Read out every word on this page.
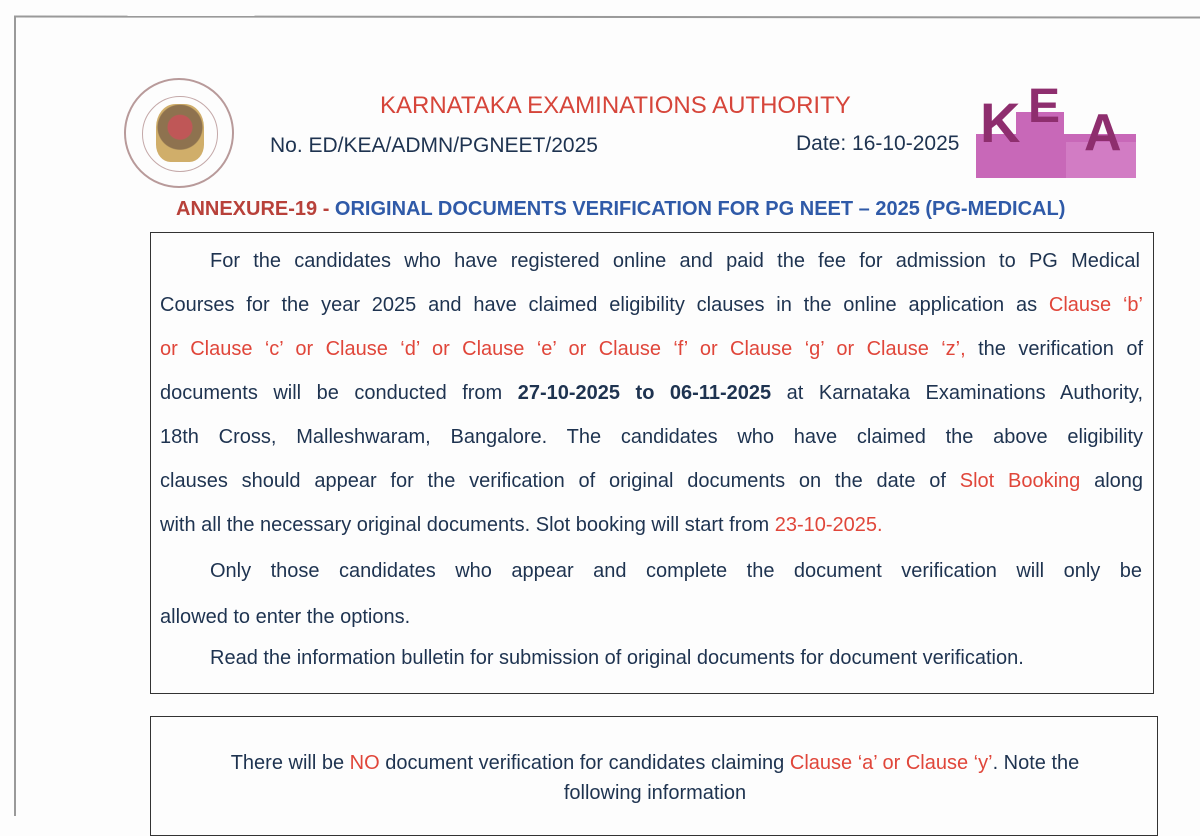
KARNATAKA EXAMINATIONS AUTHORITY
No. ED/KEA/ADMN/PGNEET/2025	Date: 16-10-2025 K E A
ANNEXURE-19 - ORIGINAL DOCUMENTS VERIFICATION FOR PG NEET – 2025 (PG-MEDICAL)
For the candidates who have registered online and paid the fee for admission to PG Medical
Courses for the year 2025 and have claimed eligibility clauses in the online application as Clause ‘b’
or Clause ‘c’ or Clause ‘d’ or Clause ‘e’ or Clause ‘f’ or Clause ‘g’ or Clause ‘z’, the verification of
documents will be conducted from 27-10-2025 to 06-11-2025 at Karnataka Examinations Authority,
18th Cross, Malleshwaram, Bangalore. The candidates who have claimed the above eligibility
clauses should appear for the verification of original documents on the date of Slot Booking along
with all the necessary original documents. Slot booking will start from 23-10-2025.
Only those candidates who appear and complete the document verification will only be
allowed to enter the options.
Read the information bulletin for submission of original documents for document verification.
There will be NO document verification for candidates claiming Clause ‘a’ or Clause ‘y’. Note the
following information
